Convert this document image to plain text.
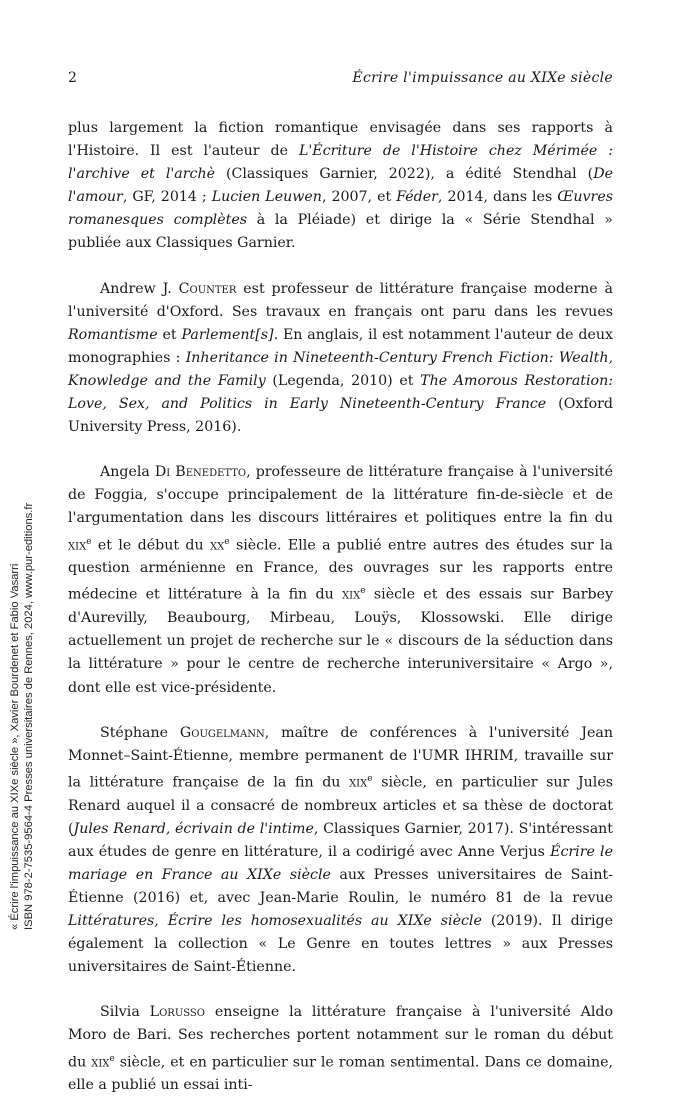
2	Écrire l'impuissance au XIXe siècle

plus largement la fiction romantique envisagée dans ses rapports à l'Histoire. Il est l'auteur de L'Écriture de l'Histoire chez Mérimée : l'archive et l'archè (Classiques Garnier, 2022), a édité Stendhal (De l'amour, GF, 2014 ; Lucien Leuwen, 2007, et Féder, 2014, dans les Œuvres romanesques complètes à la Pléiade) et dirige la « Série Stendhal » publiée aux Classiques Garnier.

Andrew J. Counter est professeur de littérature française moderne à l'université d'Oxford. Ses travaux en français ont paru dans les revues Romantisme et Parlement[s]. En anglais, il est notamment l'auteur de deux monographies : Inheritance in Nineteenth-Century French Fiction: Wealth, Knowledge and the Family (Legenda, 2010) et The Amorous Restoration: Love, Sex, and Politics in Early Nineteenth-Century France (Oxford University Press, 2016).

Angela Di Benedetto, professeure de littérature française à l'université de Foggia, s'occupe principalement de la littérature fin-de-siècle et de l'argumentation dans les discours littéraires et politiques entre la fin du xix$^e$ et le début du $xx^e$ siècle. Elle a publié entre autres des études sur la question arménienne en France, des ouvrages sur les rapports entre médecine et littérature à la fin du xix$^e$ siècle et des essais sur Barbey d'Aurevilly, Beaubourg, Mirbeau, Louÿs, Klossowski. Elle dirige actuellement un projet de recherche sur le « discours de la séduction dans la littérature » pour le centre de recherche interuniversitaire « Argo », dont elle est vice-présidente.

Stéphane Gougelmann, maître de conférences à l'université Jean Monnet–Saint-Étienne, membre permanent de l'UMR IHRIM, travaille sur la littérature française de la fin du xix$^e$ siècle, en particulier sur Jules Renard auquel il a consacré de nombreux articles et sa thèse de doctorat (Jules Renard, écrivain de l'intime, Classiques Garnier, 2017). S'intéressant aux études de genre en littérature, il a codirigé avec Anne Verjus Écrire le mariage en France au XIXe siècle aux Presses universitaires de Saint-Étienne (2016) et, avec Jean-Marie Roulin, le numéro 81 de la revue Littératures, Écrire les homosexualités au XIXe siècle (2019). Il dirige également la collection « Le Genre en toutes lettres » aux Presses universitaires de Saint-Étienne.

Silvia Lorusso enseigne la littérature française à l'université Aldo Moro de Bari. Ses recherches portent notamment sur le roman du début du xix$^e$ siècle, et en particulier sur le roman sentimental. Dans ce domaine, elle a publié un essai inti-

« Écrire l'impuissance au XIXe siècle », Xavier Bourdenet et Fabio Vasarri ISBN 978-2-7535-9564-4 Presses universitaires de Rennes, 2024, www.pur-editions.fr
